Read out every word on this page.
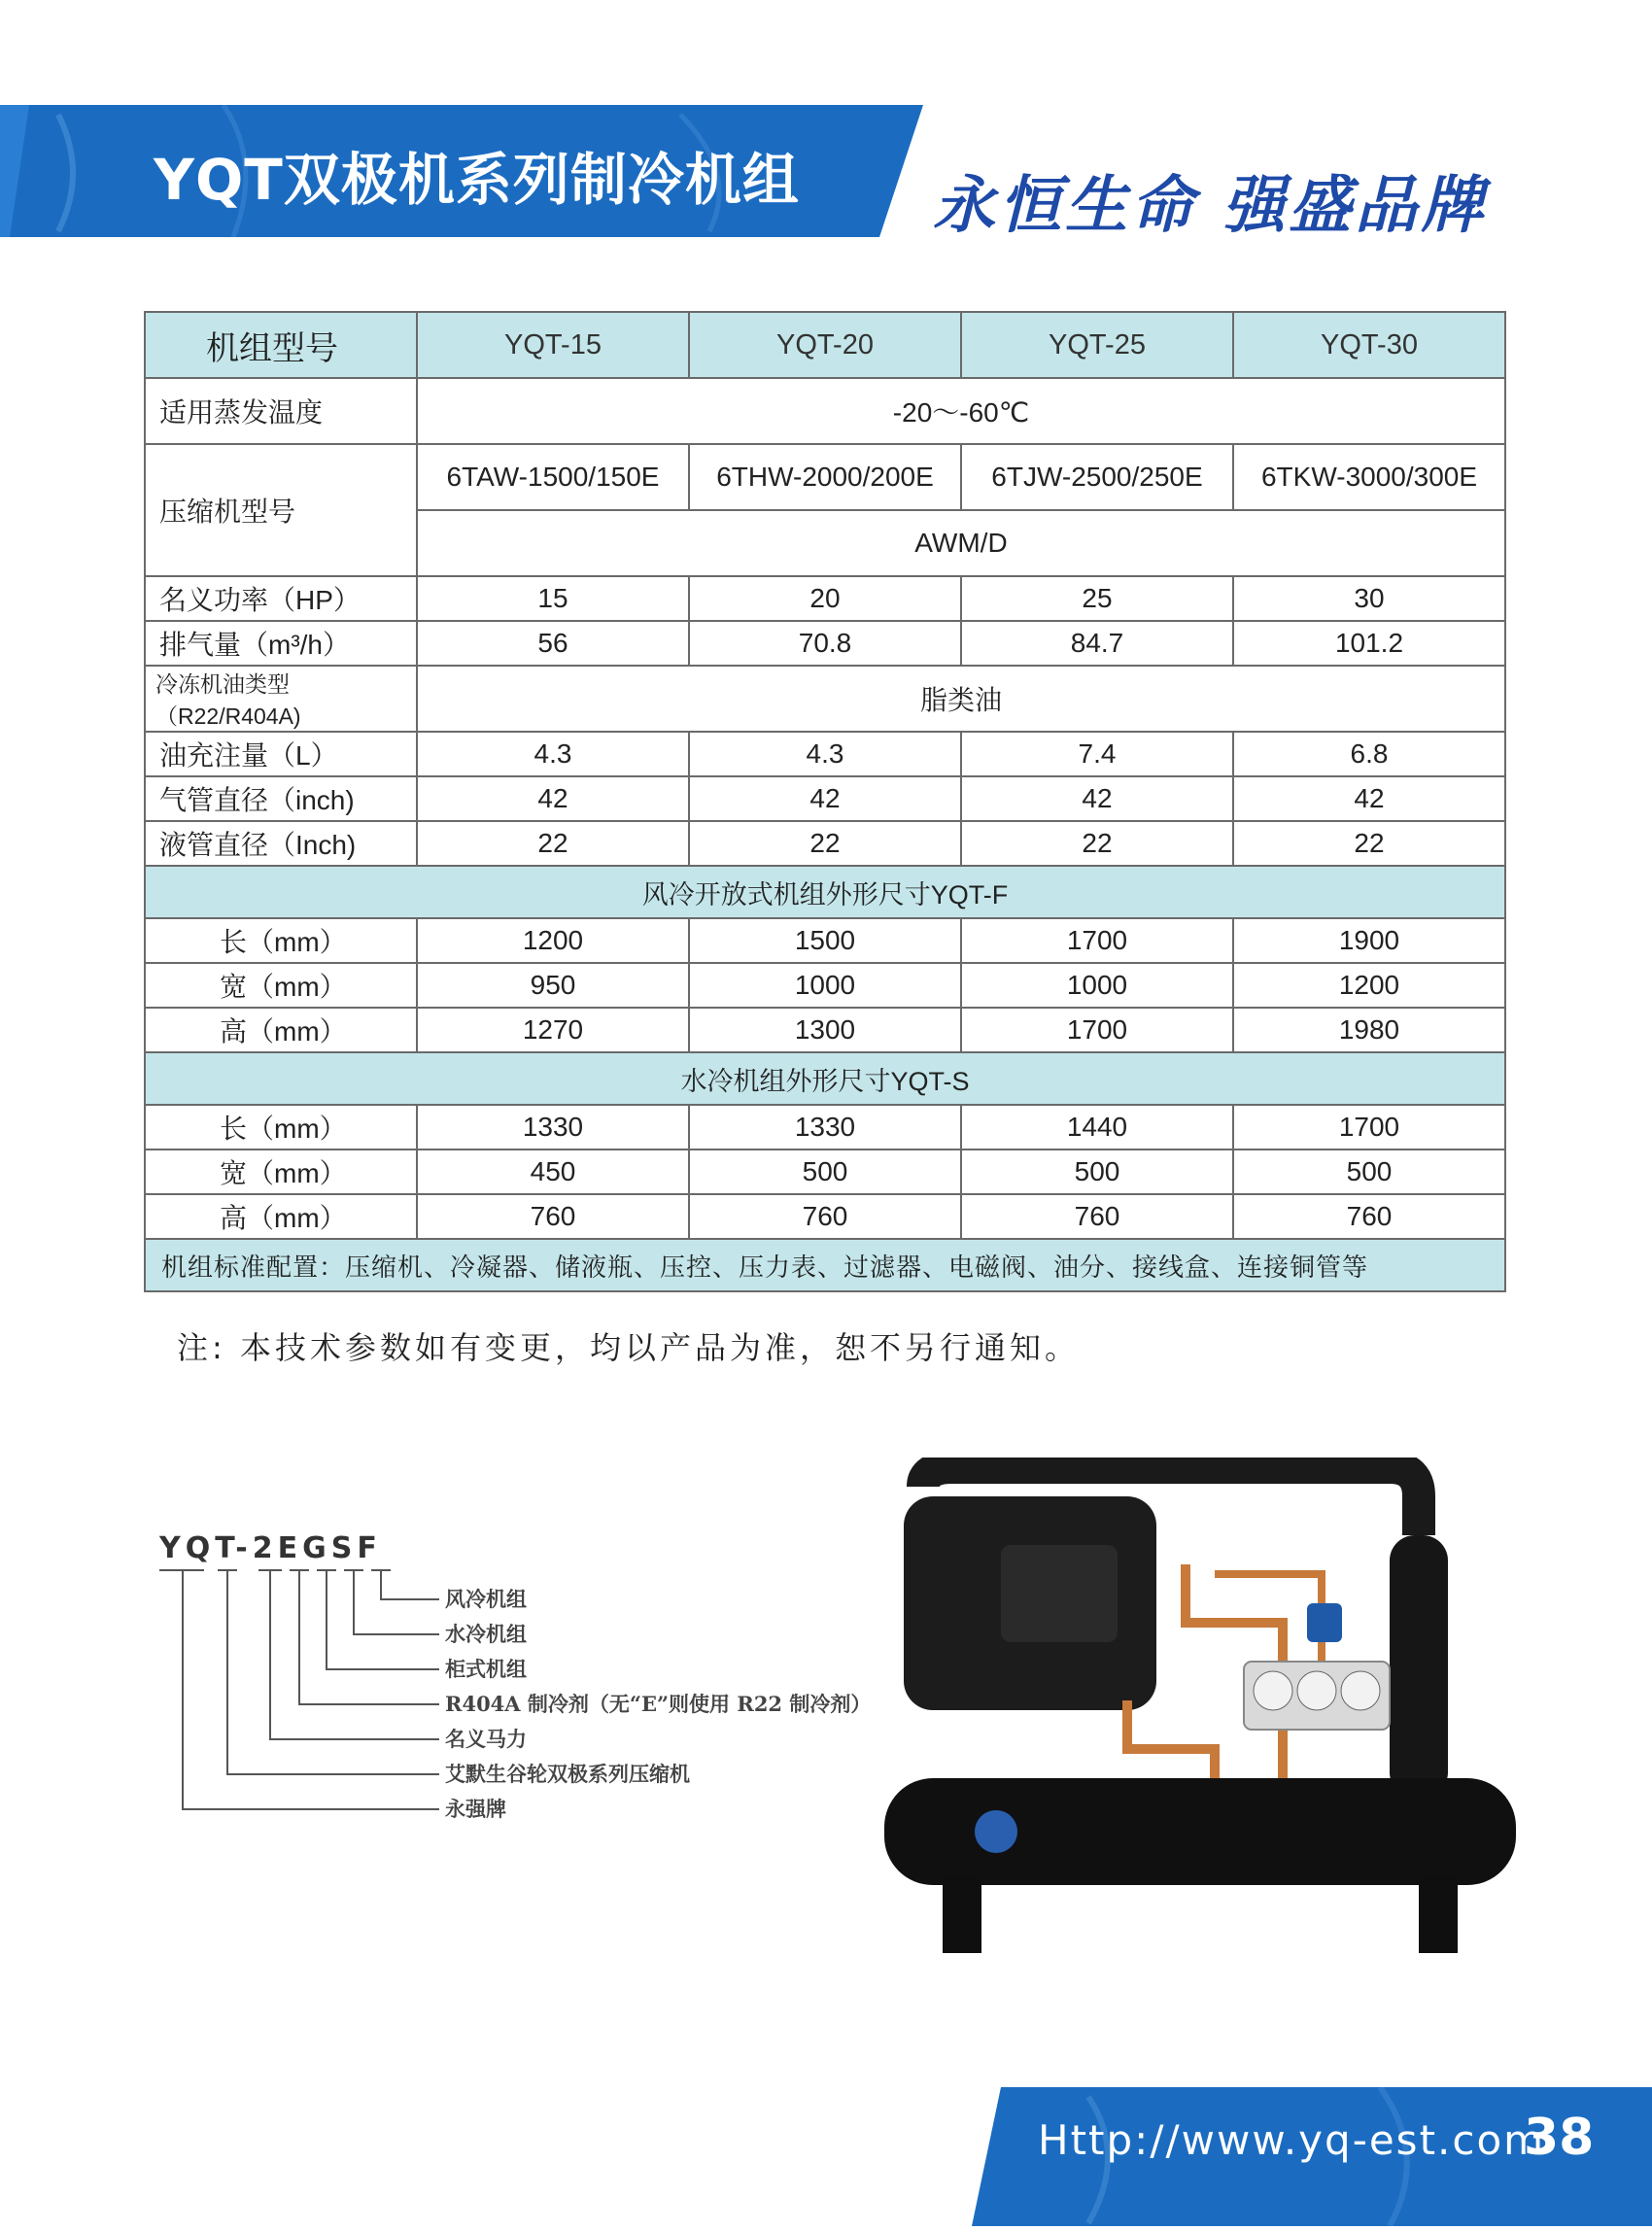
YQT双极机系列制冷机组 永恒生命 强盛品牌
机组型号	YQT-15	YQT-20	YQT-25	YQT-30
适用蒸发温度	-20～-60℃			
压缩机型号	6TAW-1500/150E	6THW-2000/200E	6TJW-2500/250E	6TKW-3000/300E
	AWM/D			
名义功率（HP）	15	20	25	30
排气量（m³/h）	56	70.8	84.7	101.2
冷冻机油类型（R22/R404A)	脂类油			
油充注量（L）	4.3	4.3	7.4	6.8
气管直径（inch)	42	42	42	42
液管直径（Inch)	22	22	22	22
风冷开放式机组外形尺寸YQT-F				
长（mm）	1200	1500	1700	1900
宽（mm）	950	1000	1000	1200
高（mm）	1270	1300	1700	1980
水冷机组外形尺寸YQT-S				
长（mm）	1330	1330	1440	1700
宽（mm）	450	500	500	500
高（mm）	760	760	760	760
机组标准配置：压缩机、冷凝器、储液瓶、压控、压力表、过滤器、电磁阀、油分、接线盒、连接铜管等				
注: 本技术参数如有变更，均以产品为准，恕不另行通知。
YQT-2EGSF
风冷机组
水冷机组
柜式机组
R404A 制冷剂（无“E”则使用 R22 制冷剂）
名义马力
艾默生谷轮双极系列压缩机
永强牌
Http://www.yq-est.com
38
